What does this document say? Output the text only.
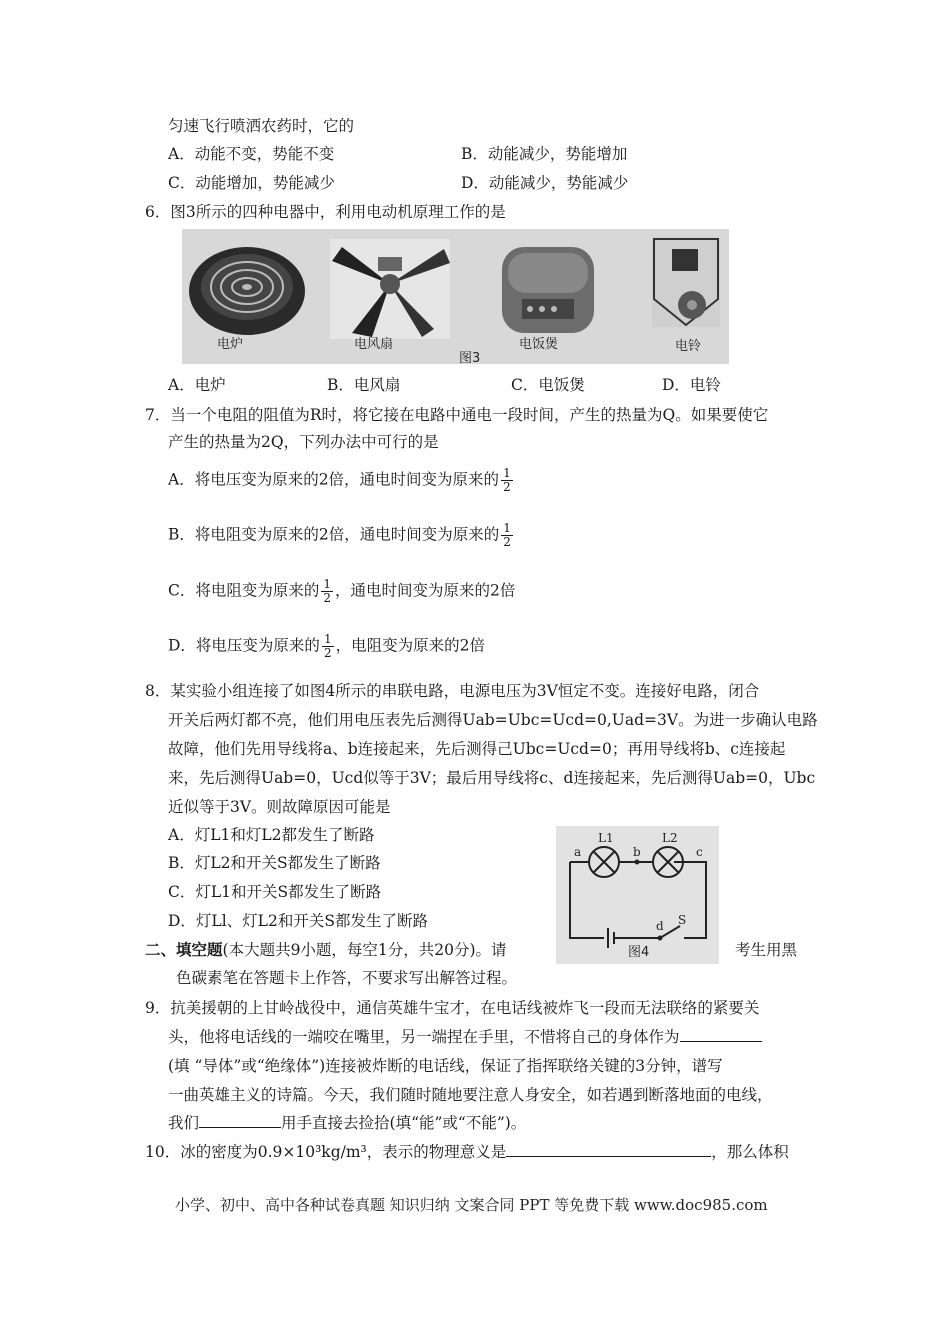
匀速飞行喷洒农药时，它的
A．动能不变，势能不变	B．动能减少，势能增加
C．动能增加，势能减少	D．动能减少，势能减少
6．图3所示的四种电器中，利用电动机原理工作的是
电炉	电风扇	电饭煲	电铃
图3
A．电炉	B．电风扇	C．电饭煲	D．电铃
7．当一个电阻的阻值为R时，将它接在电路中通电一段时间，产生的热量为Q。如果要使它
产生的热量为2Q，下列办法中可行的是
A．将电压变为原来的2倍，通电时间变为原来的 $\frac{1}{2}$
B．将电阻变为原来的2倍，通电时间变为原来的 $\frac{1}{2}$
C．将电阻变为原来的 $\frac{1}{2}$ ，通电时间变为原来的2倍
D．将电压变为原来的 $\frac{1}{2}$ ，电阻变为原来的2倍
8．某实验小组连接了如图4所示的串联电路，电源电压为3V恒定不变。连接好电路，闭合
开关后两灯都不亮，他们用电压表先后测得Uab=Ubc=Ucd=0,Uad=3V。为进一步确认电路
故障，他们先用导线将a、b连接起来，先后测得己Ubc=Ucd=0；再用导线将b、c连接起
来，先后测得Uab=0，Ucd似等于3V；最后用导线将c、d连接起来，先后测得Uab=0，Ubc
近似等于3V。则故障原因可能是
A．灯L1和灯L2都发生了断路
B．灯L2和开关S都发生了断路
C．灯L1和开关S都发生了断路
D．灯Ll、灯L2和开关S都发生了断路
a
L1
b
L2
c
d S
图4
二、填空题(本大题共9小题，每空1分，共20分)。请	考生用黑
色碳素笔在答题卡上作答，不要求写出解答过程。
9．抗美援朝的上甘岭战役中，通信英雄牛宝才，在电话线被炸飞一段而无法联络的紧要关
头，他将电话线的一端咬在嘴里，另一端捏在手里，不惜将自己的身体作为
(填 “导体”或“绝缘体”)连接被炸断的电话线，保证了指挥联络关键的3分钟，谱写
一曲英雄主义的诗篇。今天，我们随时随地要注意人身安全，如若遇到断落地面的电线，
我们	用手直接去捡拾(填“能”或“不能”)。
10．冰的密度为0.9×10³kg/m³，表示的物理意义是	，那么体积
小学、初中、高中各种试卷真题 知识归纳 文案合同 PPT 等免费下载 www.doc985.com
